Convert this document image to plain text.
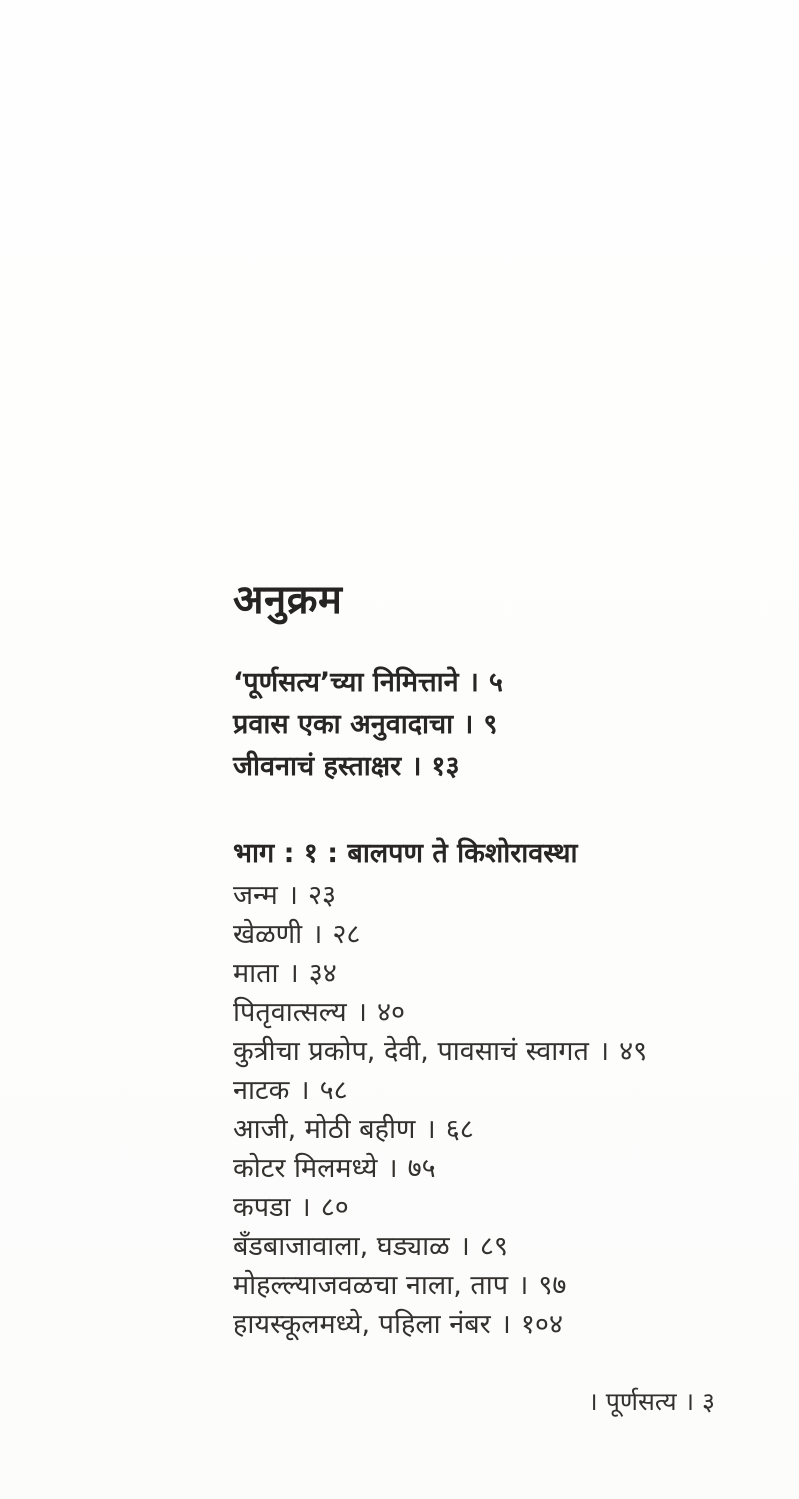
अनुक्रम
‘पूर्णसत्य’च्या निमित्ताने । ५
प्रवास एका अनुवादाचा । ९
जीवनाचं हस्ताक्षर । १३
भाग : १ : बालपण ते किशोरावस्था
जन्म । २३
खेळणी । २८
माता । ३४
पितृवात्सल्य । ४०
कुत्रीचा प्रकोप, देवी, पावसाचं स्वागत । ४९
नाटक । ५८
आजी, मोठी बहीण । ६८
कोटर मिलमध्ये । ७५
कपडा । ८०
बँडबाजावाला, घड्याळ । ८९
मोहल्ल्याजवळचा नाला, ताप । ९७
हायस्कूलमध्ये, पहिला नंबर । १०४
। पूर्णसत्य । ३
